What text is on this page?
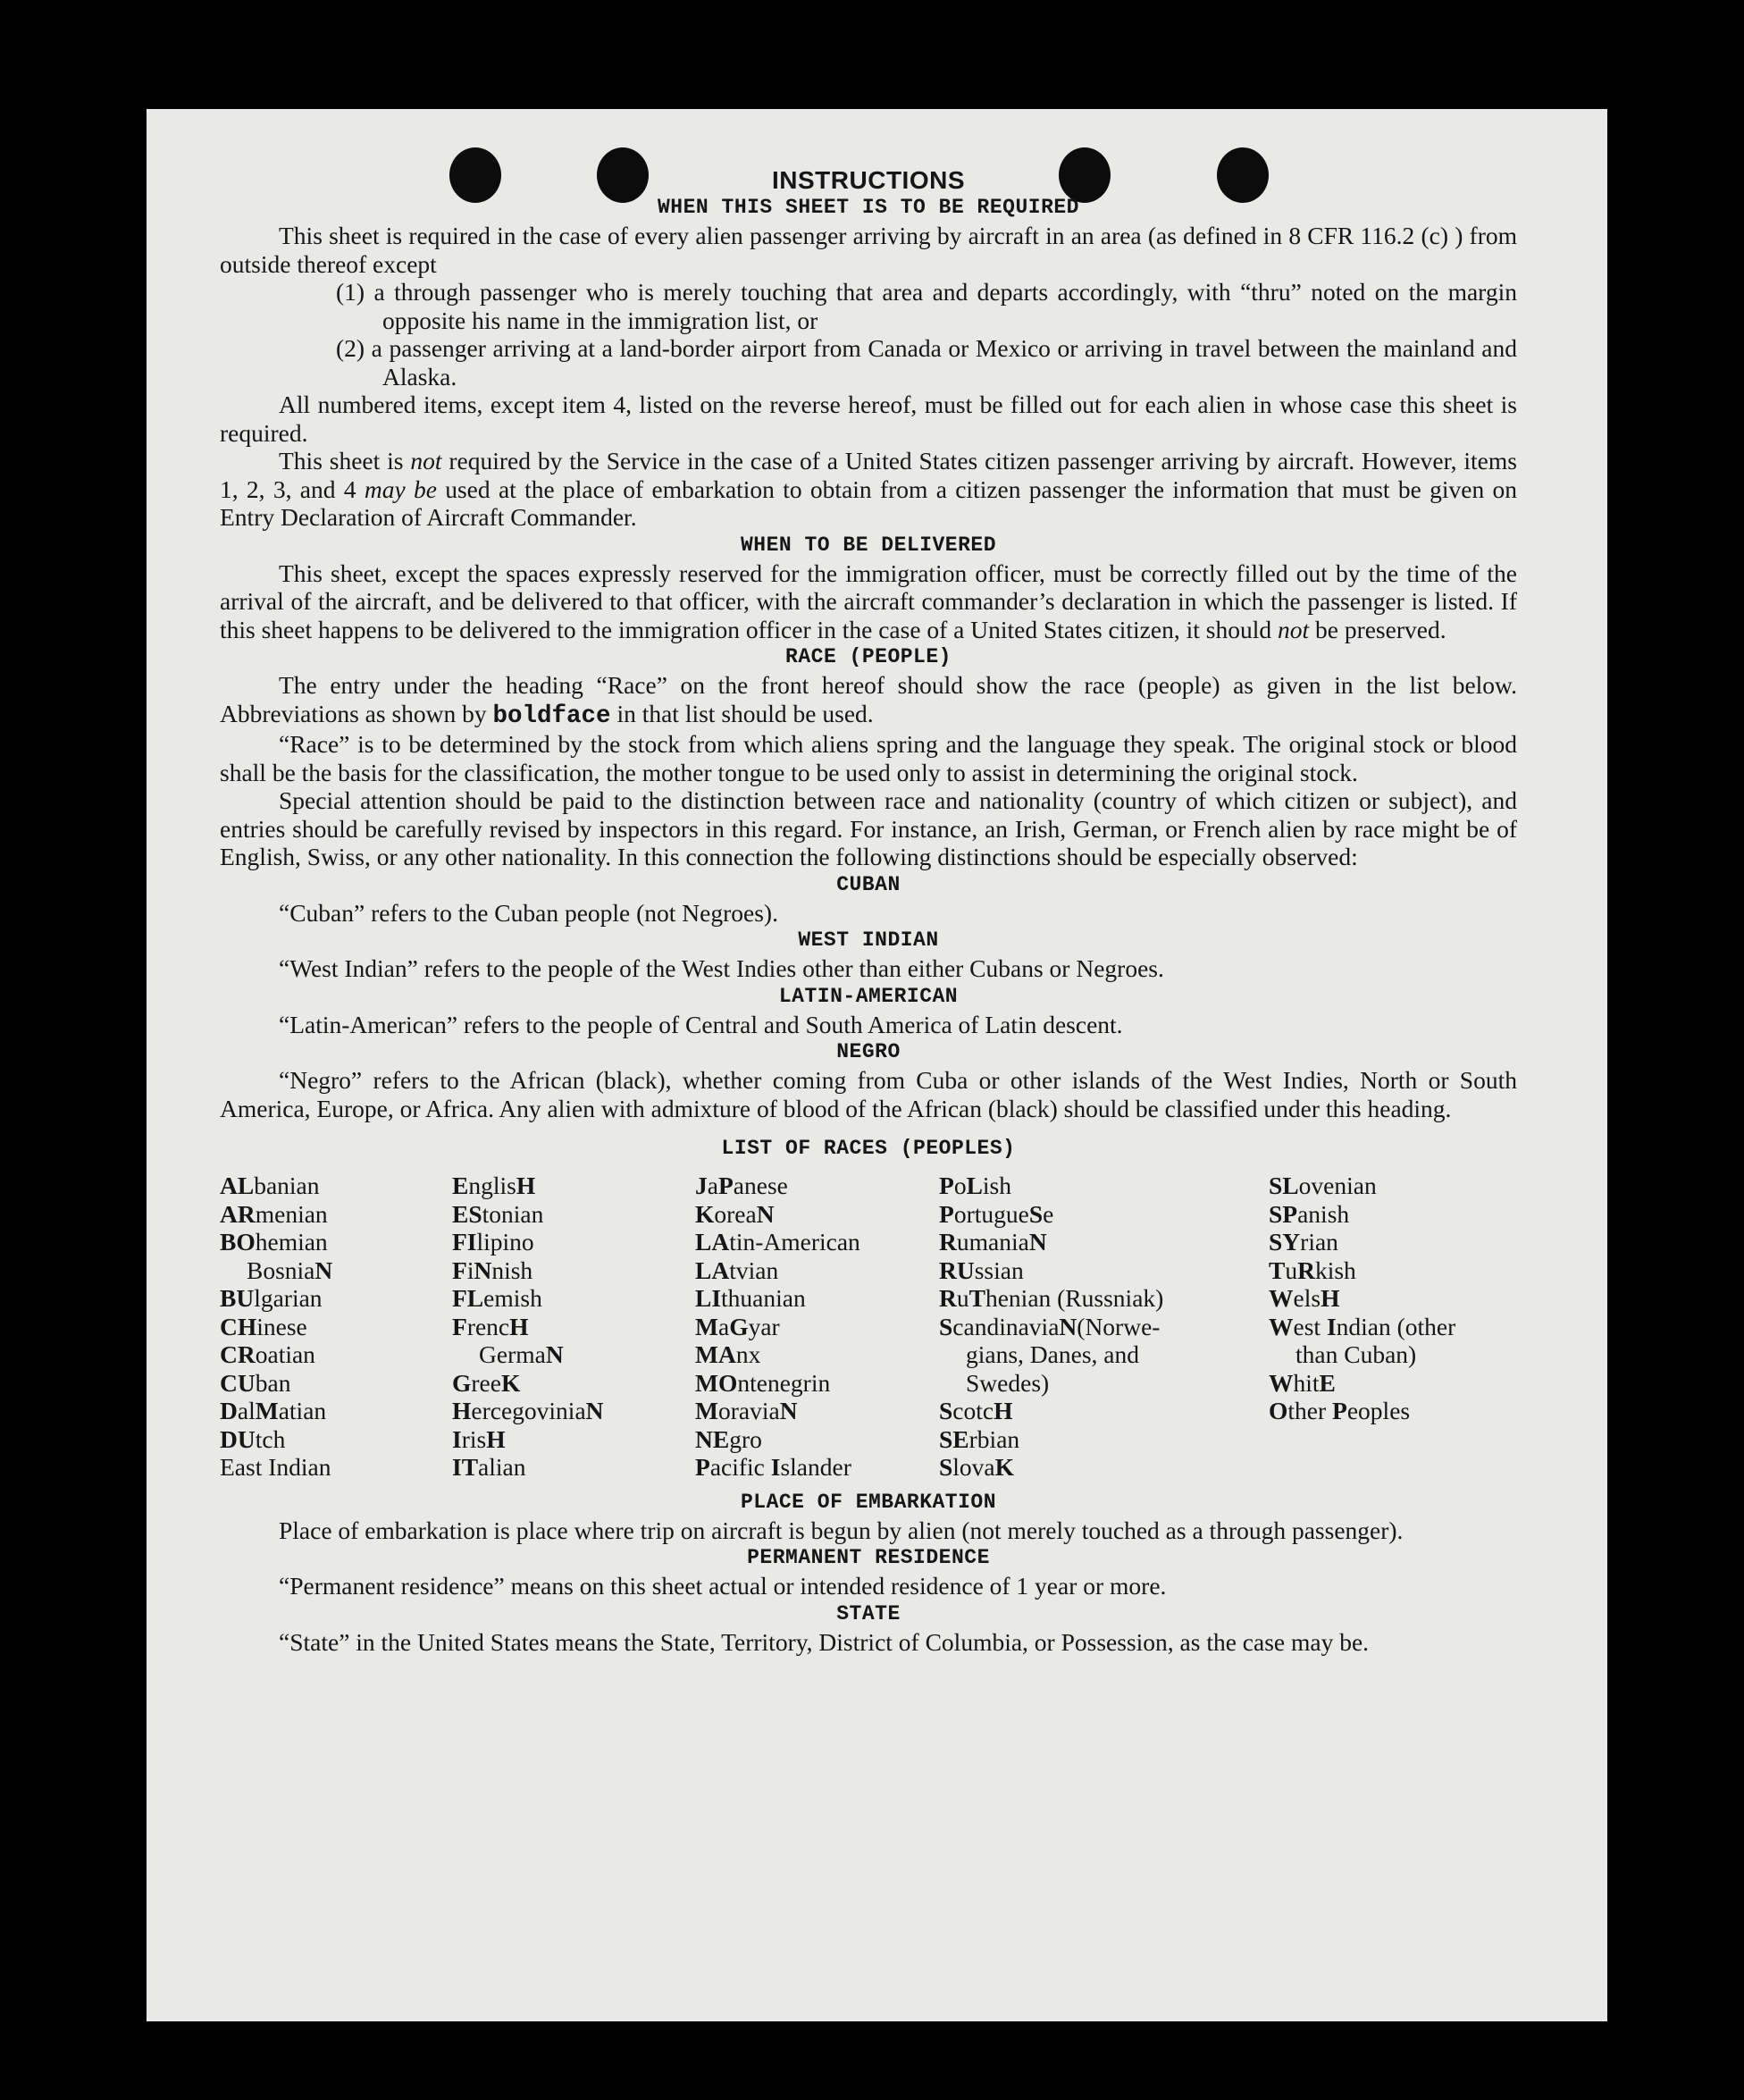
INSTRUCTIONS
WHEN THIS SHEET IS TO BE REQUIRED

This sheet is required in the case of every alien passenger arriving by aircraft in an area (as defined in 8 CFR 116.2 (c) ) from outside thereof except

(1) a through passenger who is merely touching that area and departs accordingly, with “thru” noted on the margin opposite his name in the immigration list, or
(2) a passenger arriving at a land-border airport from Canada or Mexico or arriving in travel between the mainland and Alaska.

All numbered items, except item 4, listed on the reverse hereof, must be filled out for each alien in whose case this sheet is required.

This sheet is not required by the Service in the case of a United States citizen passenger arriving by aircraft. However, items 1, 2, 3, and 4 may be used at the place of embarkation to obtain from a citizen passenger the information that must be given on Entry Declaration of Aircraft Commander.

WHEN TO BE DELIVERED

This sheet, except the spaces expressly reserved for the immigration officer, must be correctly filled out by the time of the arrival of the aircraft, and be delivered to that officer, with the aircraft commander’s declaration in which the passenger is listed. If this sheet happens to be delivered to the immigration officer in the case of a United States citizen, it should not be preserved.

RACE (PEOPLE)

The entry under the heading “Race” on the front hereof should show the race (people) as given in the list below. Abbreviations as shown by boldface in that list should be used.

“Race” is to be determined by the stock from which aliens spring and the language they speak. The original stock or blood shall be the basis for the classification, the mother tongue to be used only to assist in determining the original stock.

Special attention should be paid to the distinction between race and nationality (country of which citizen or subject), and entries should be carefully revised by inspectors in this regard. For instance, an Irish, German, or French alien by race might be of English, Swiss, or any other nationality. In this connection the following distinctions should be especially observed:

CUBAN

“Cuban” refers to the Cuban people (not Negroes).

WEST INDIAN

“West Indian” refers to the people of the West Indies other than either Cubans or Negroes.

LATIN-AMERICAN

“Latin-American” refers to the people of Central and South America of Latin descent.

NEGRO

“Negro” refers to the African (black), whether coming from Cuba or other islands of the West Indies, North or South America, Europe, or Africa. Any alien with admixture of blood of the African (black) should be classified under this heading.

LIST OF RACES (PEOPLES)
ALbanian
ARmenian
BOhemian
BosniaN
BUlgarian
CHinese
CRoatian
CUban
DalMatian
DUtch
East Indian
EnglisH
EStonian
FIlipino
FiNnish
FLemish
FrencH
GermaN
GreeK
HercegoviniaN
IrisH
ITalian
JaPanese
KoreaN
LAtin-American
LAtvian
LIthuanian
MaGyar
MAnx
MOntenegrin
MoraviaN
NEgro
Pacific Islander
PoLish
PortugueSe
RumaniaN
RUssian
RuThenian (Russniak)
ScandinaviaN(Norwe-
gians, Danes, and
Swedes)
ScotcH
SErbian
SlovaK
SLovenian
SPanish
SYrian
TuRkish
WelsH
West Indian (other
than Cuban)
WhitE
Other Peoples
PLACE OF EMBARKATION

Place of embarkation is place where trip on aircraft is begun by alien (not merely touched as a through passenger).

PERMANENT RESIDENCE

“Permanent residence” means on this sheet actual or intended residence of 1 year or more.

STATE

“State” in the United States means the State, Territory, District of Columbia, or Possession, as the case may be.
